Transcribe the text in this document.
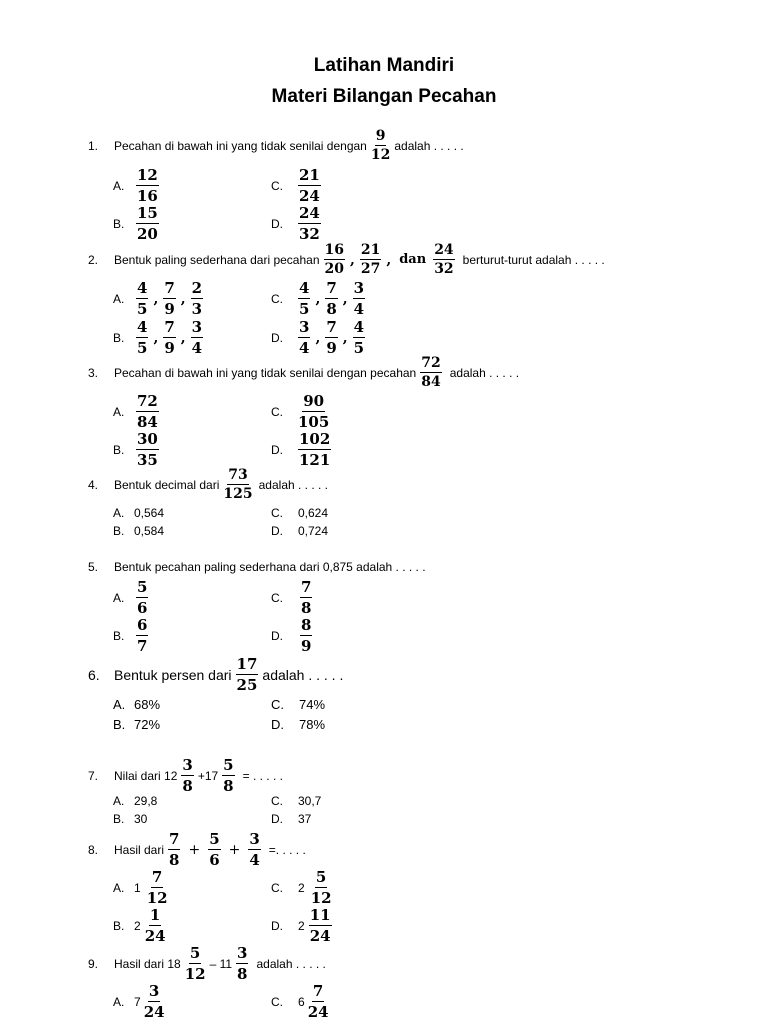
Latihan Mandiri
Materi Bilangan Pecahan
1.	Pecahan di bawah ini yang tidak senilai dengan
9
12
adalah . . . . .
A.
12
16
B.
15
20
C.
21
24
D.
24
32
2.	Bentuk paling sederhana dari pecahan
16
20
,
21
27
, dan
24
32
berturut-turut adalah . . . . .
A.
4
5
,
7
9
,
2
3
B.
4
5
,
7
9
,
3
4
C.
4
5
,
7
8
,
3
4
D.
3
4
,
7
9
,
4
5
3.	Pecahan di bawah ini yang tidak senilai dengan pecahan
72
84
adalah . . . . .
A.
72
84
B.
30
35
C.
90
105
D.
102
121
4.	Bentuk decimal dari
73
125
adalah . . . . .
A. 0,564
B. 0,584
C.	0,624
D.	0,724
5.	Bentuk pecahan paling sederhana dari 0,875 adalah . . . . .
A.
5
6
B.
6
7
C.
7
8
D.
8
9
6.	Bentuk persen dari
17
25
adalah . . . . .
A. 68%
B. 72%
C.	74%
D.	78%
7.	Nilai dari 12
3
8
$+17 \frac{5}{8}$ = . . . . .
A. 29,8
B. 30
C.	30,7
D.	37
8.	Hasil dari
7
8
+ $\frac{5}{6} + \frac{3}{4}$ =. . . . .
A. 1
7
12
B. 2
1
24
C.	2
5
12
D.	2
11
24
9.	Hasil dari 18
5
12
– 11
3
8
adalah . . . . .
A. 7
3
24
C.	6
7
24
